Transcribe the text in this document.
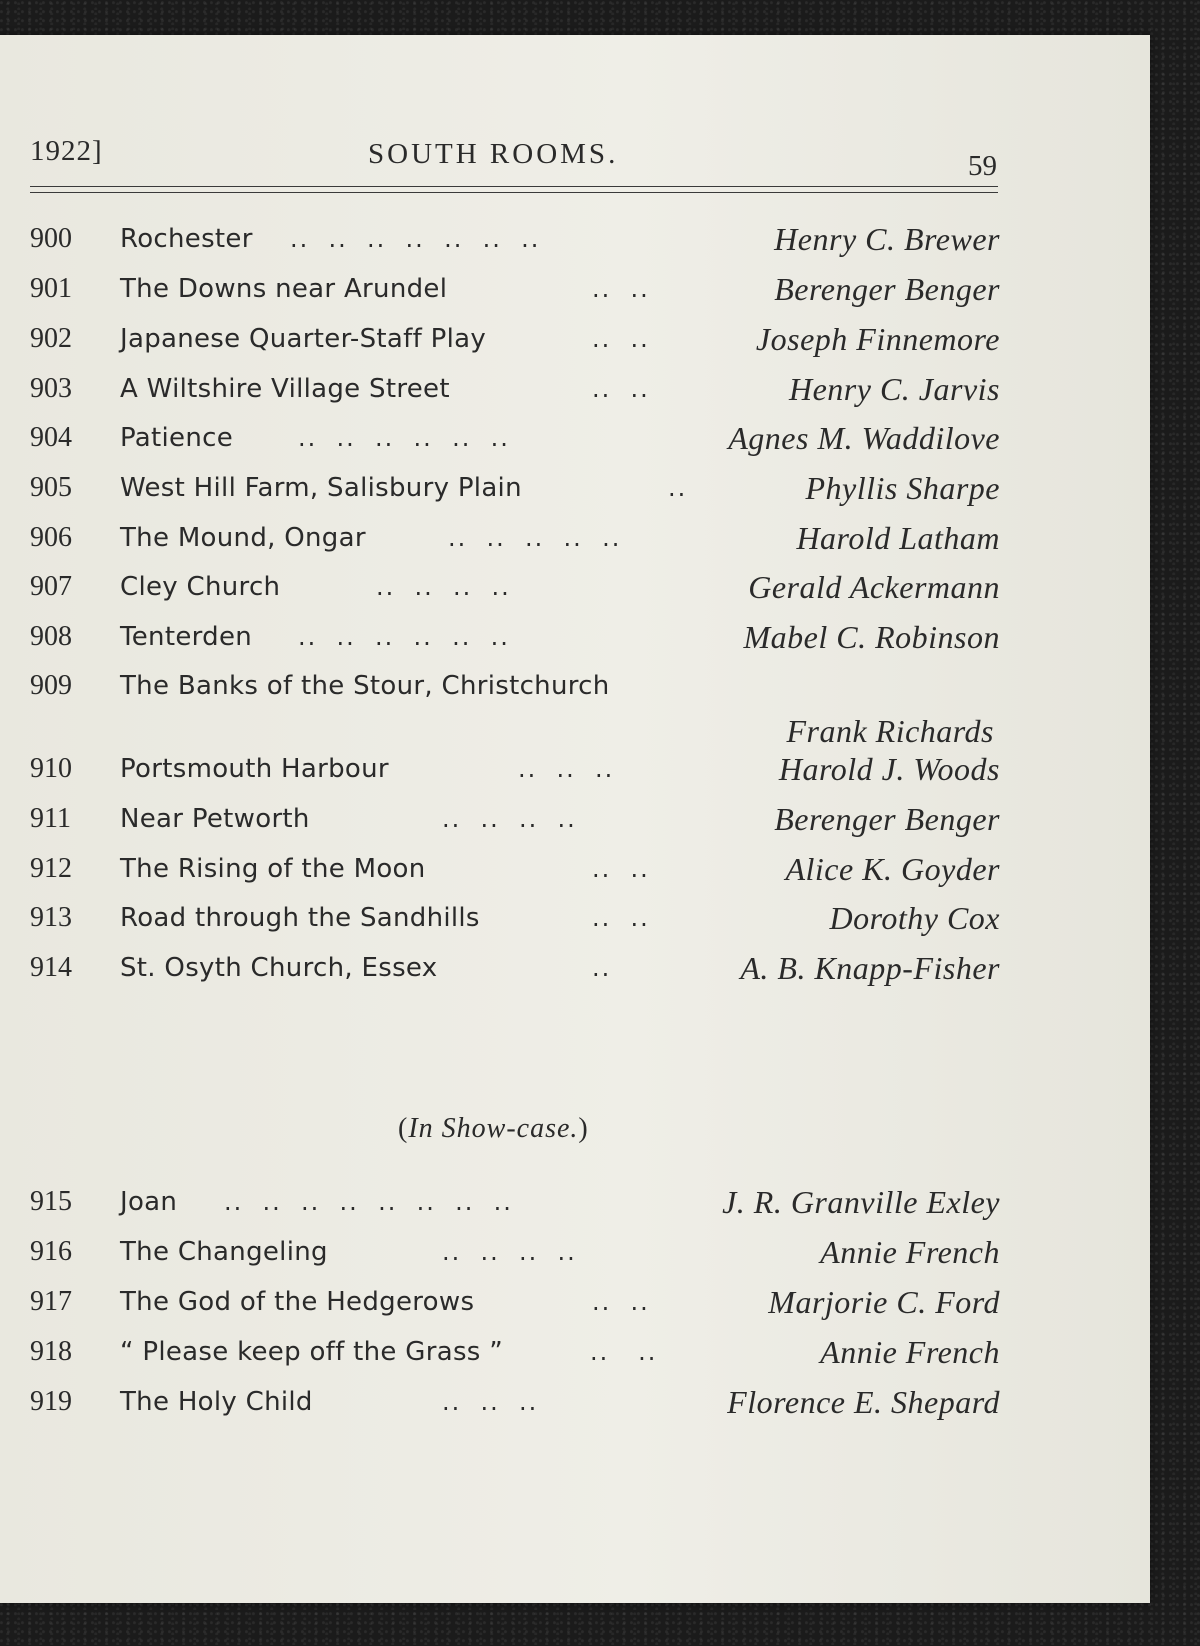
1922]	SOUTH ROOMS.	59
900 Rochester ..  ..  ..  ..  ..  ..  ..	Henry C. Brewer
901 The Downs near Arundel	..  ..	Berenger Benger
902 Japanese Quarter-Staff Play	..  ..	Joseph Finnemore
903 A Wiltshire Village Street	..  ..	Henry C. Jarvis
904 Patience	..  ..  ..  ..  ..  ..	Agnes M. Waddilove
905 West Hill Farm, Salisbury Plain	..	Phyllis Sharpe
906 The Mound, Ongar	..  ..  ..  ..  ..	Harold Latham
907 Cley Church	..  ..  ..  ..	Gerald Ackermann
908 Tenterden ..  ..  ..  ..  ..  ..	Mabel C. Robinson
909 The Banks of the Stour, Christchurch
Frank Richards
910 Portsmouth Harbour	..  ..  ..	Harold J. Woods
911 Near Petworth	..  ..  ..  ..	Berenger Benger
912 The Rising of the Moon	..  ..	Alice K. Goyder
913 Road through the Sandhills	..  ..	Dorothy Cox
914 St. Osyth Church, Essex	..	A. B. Knapp-Fisher
(In Show-case.)
915 Joan ..  ..  ..  ..  ..  ..  ..  ..	J. R. Granville Exley
916 The Changeling	..  ..  ..  ..	Annie French
917 The God of the Hedgerows	..  ..	Marjorie C. Ford
918 “ Please keep off the Grass ”	..   ..	Annie French
919 The Holy Child	..  ..  ..	Florence E. Shepard
